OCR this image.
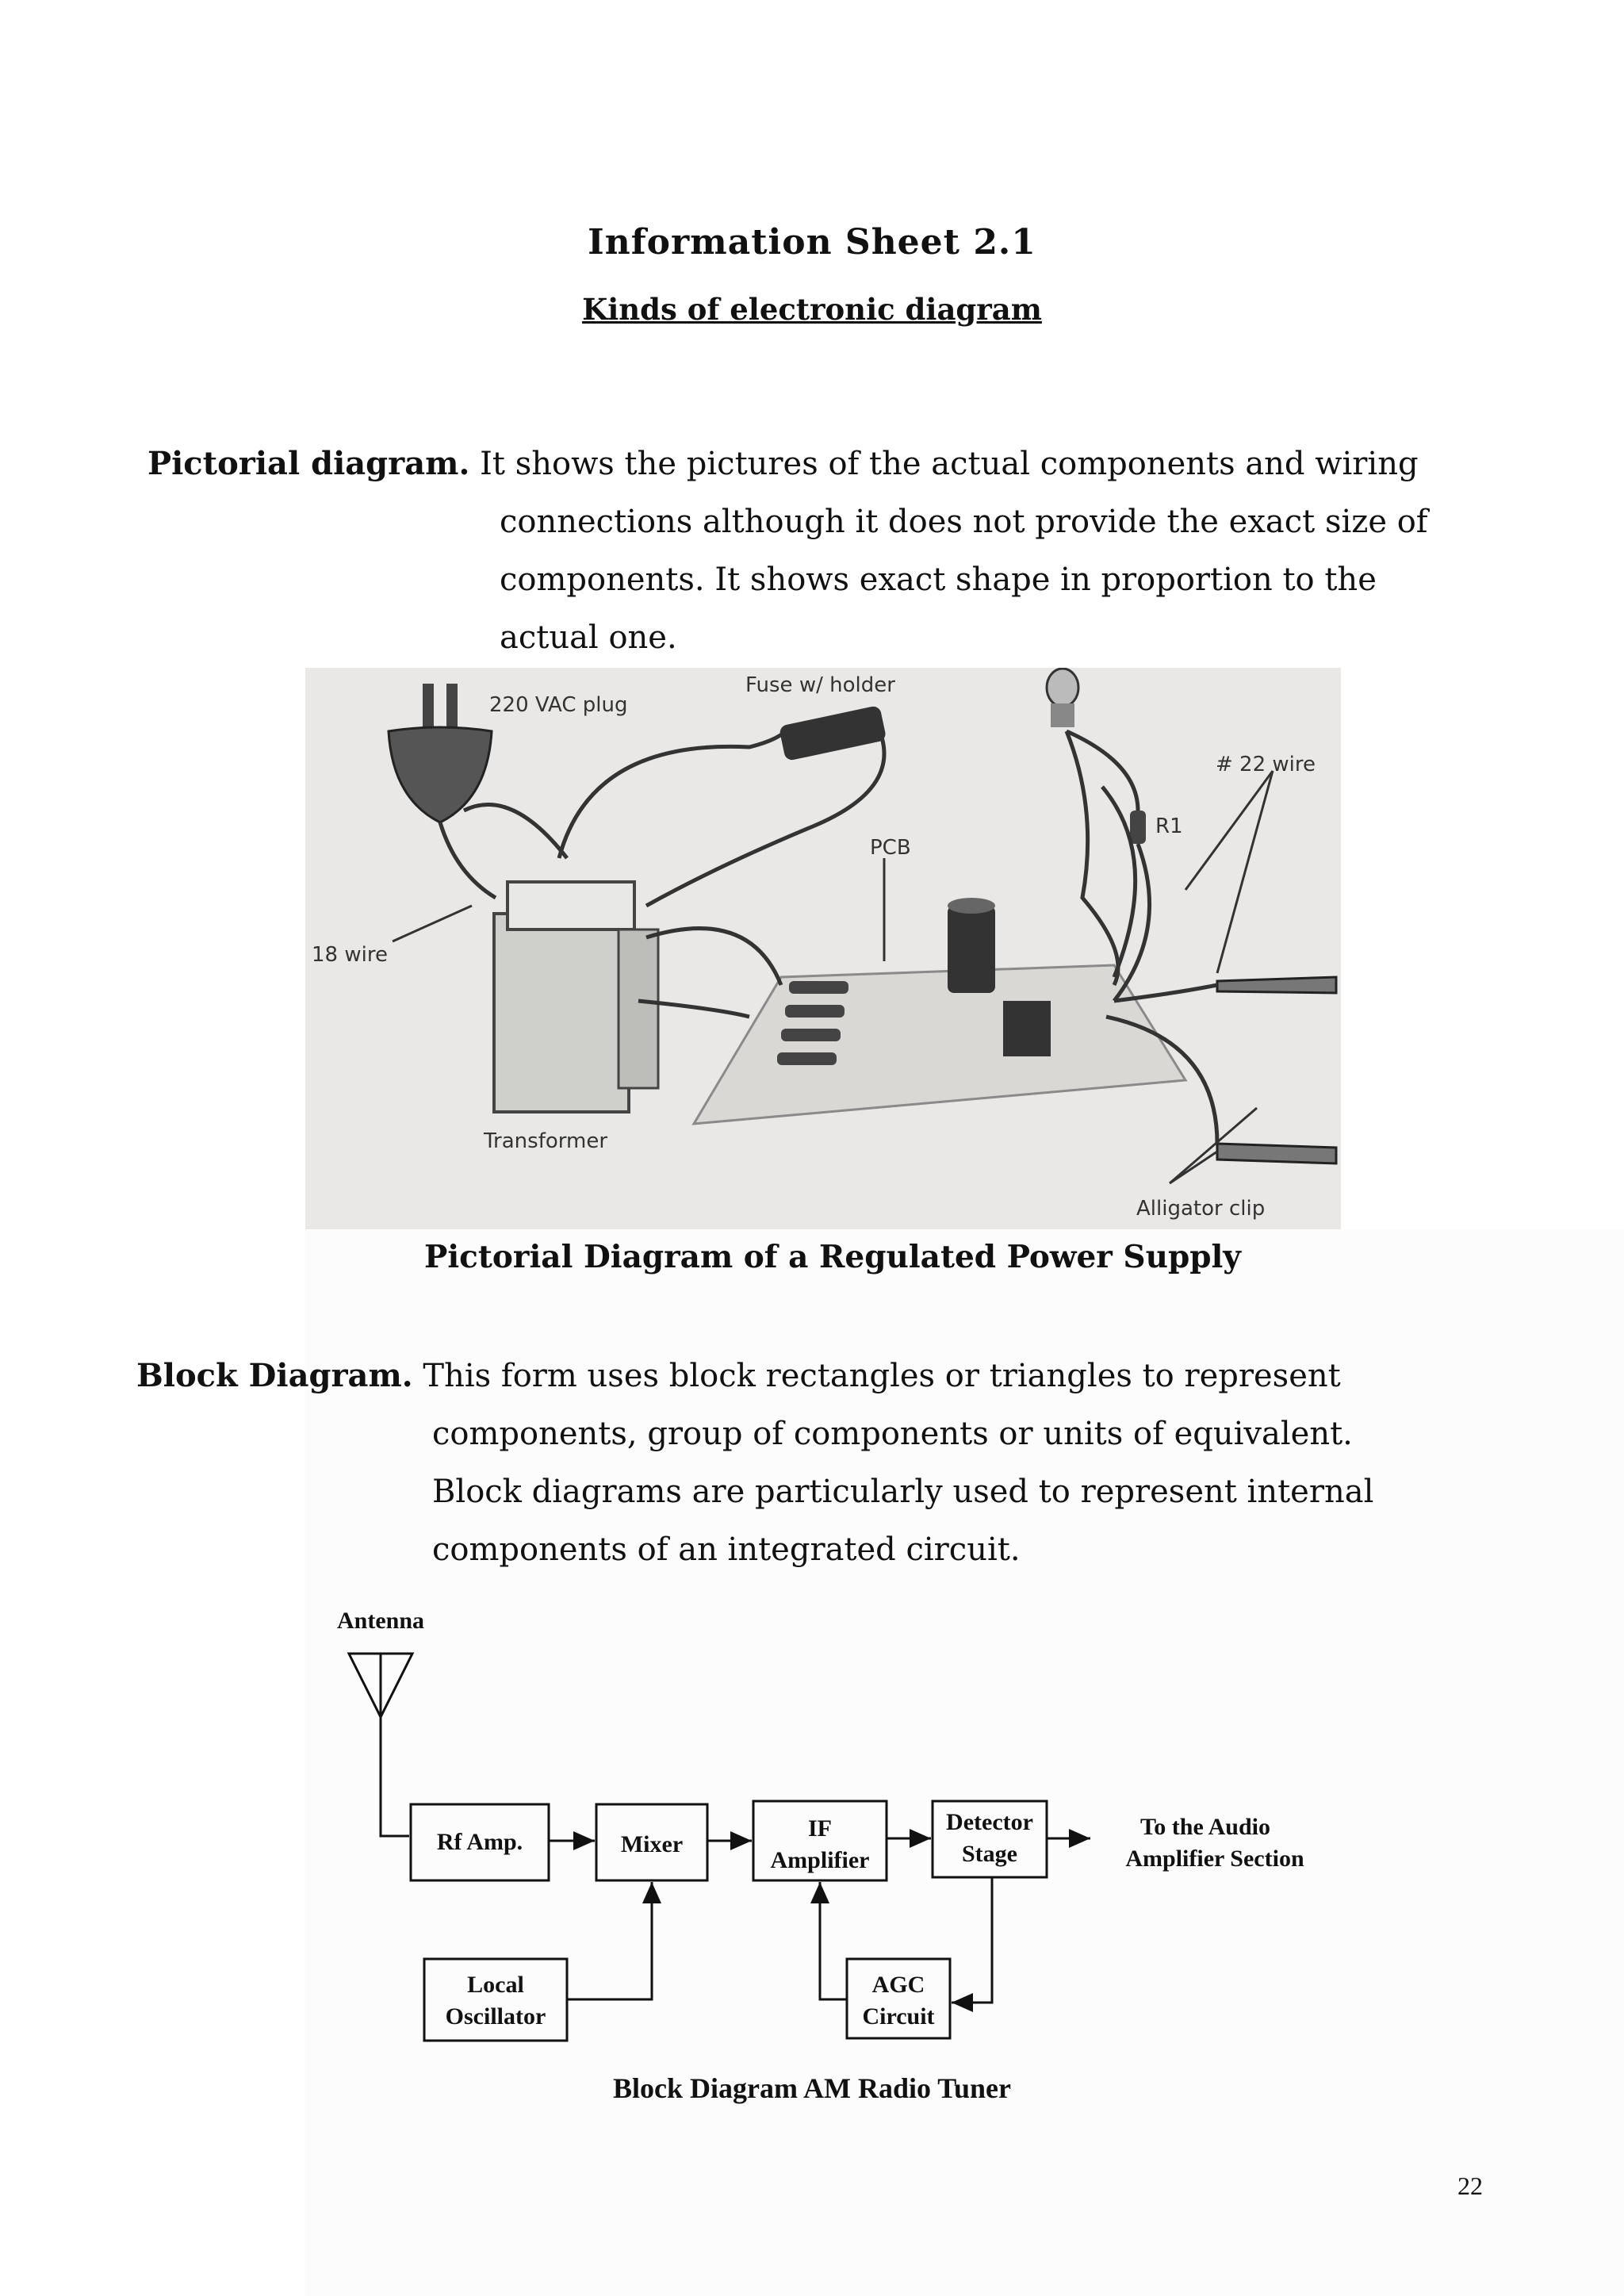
Information Sheet 2.1
Kinds of electronic diagram
Pictorial diagram. It shows the pictures of the actual components and wiring
connections although it does not provide the exact size of
components. It shows exact shape in proportion to the
actual one.
220 VAC plug
Fuse w/ holder
# 22 wire
R1
PCB
18 wire
Transformer
Alligator clip
Pictorial Diagram of a Regulated Power Supply
Block Diagram. This form uses block rectangles or triangles to represent
components, group of components or units of equivalent.
Block diagrams are particularly used to represent internal
components of an integrated circuit.
Antenna
Rf Amp.	Mixer
IF
Amplifier
Detector
Stage
To the Audio
Amplifier Section
Local
Oscillator
AGC
Circuit
Block Diagram AM Radio Tuner
22
